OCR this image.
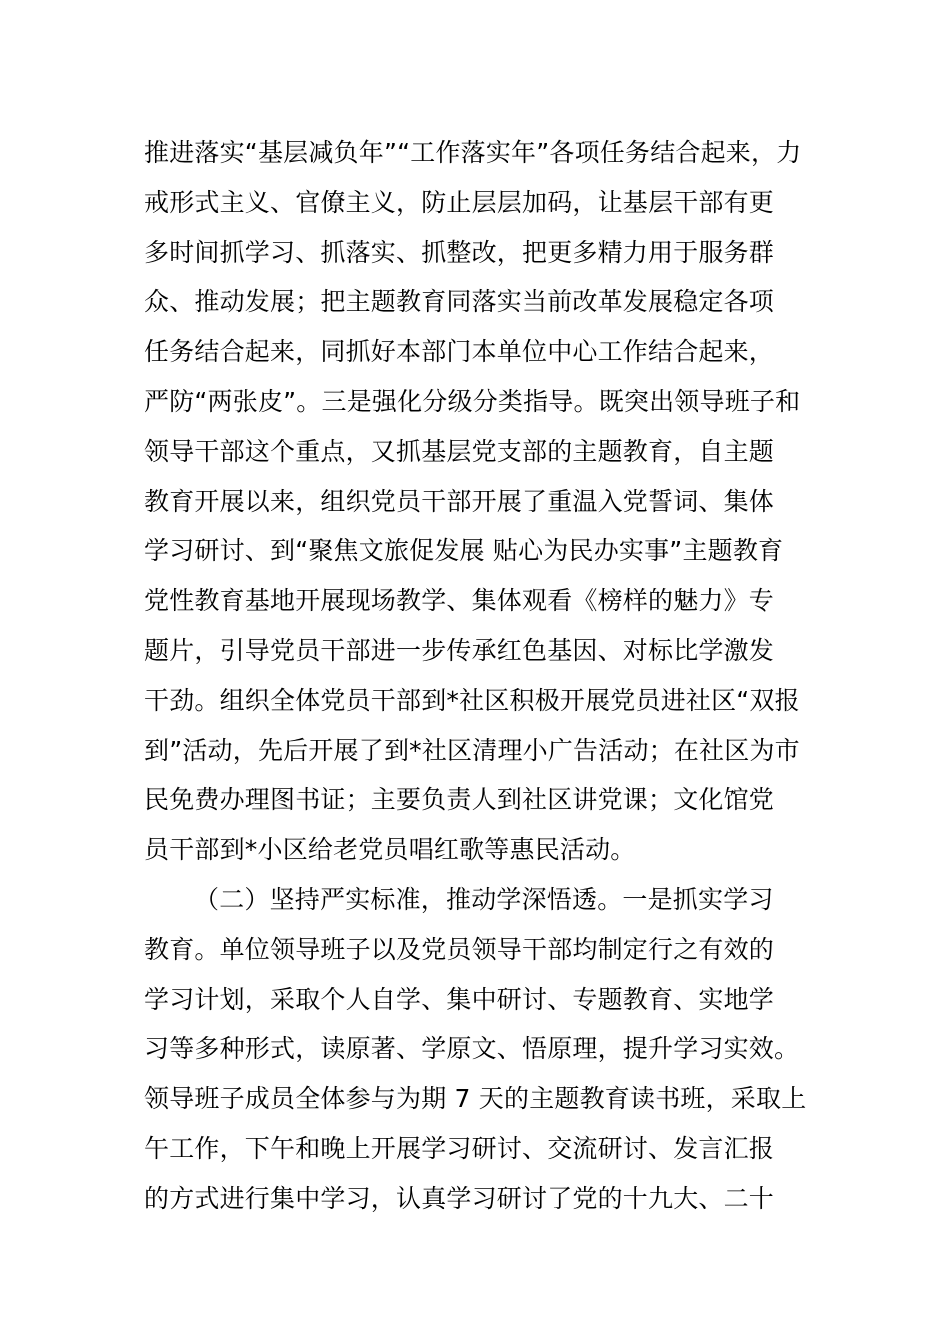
推进落实“基层减负年”“工作落实年”各项任务结合起来，力
戒形式主义、官僚主义，防止层层加码，让基层干部有更
多时间抓学习、抓落实、抓整改，把更多精力用于服务群
众、推动发展；把主题教育同落实当前改革发展稳定各项
任务结合起来，同抓好本部门本单位中心工作结合起来，
严防“两张皮”。三是强化分级分类指导。既突出领导班子和
领导干部这个重点，又抓基层党支部的主题教育，自主题
教育开展以来，组织党员干部开展了重温入党誓词、集体
学习研讨、到“聚焦文旅促发展 贴心为民办实事”主题教育
党性教育基地开展现场教学、集体观看《榜样的魅力》专
题片，引导党员干部进一步传承红色基因、对标比学激发
干劲。组织全体党员干部到*社区积极开展党员进社区“双报
到”活动，先后开展了到*社区清理小广告活动；在社区为市
民免费办理图书证；主要负责人到社区讲党课；文化馆党
员干部到*小区给老党员唱红歌等惠民活动。
（二）坚持严实标准，推动学深悟透。一是抓实学习
教育。单位领导班子以及党员领导干部均制定行之有效的
学习计划，采取个人自学、集中研讨、专题教育、实地学
习等多种形式，读原著、学原文、悟原理，提升学习实效。
领导班子成员全体参与为期 7 天的主题教育读书班，采取上
午工作，下午和晚上开展学习研讨、交流研讨、发言汇报
的方式进行集中学习，认真学习研讨了党的十九大、二十
